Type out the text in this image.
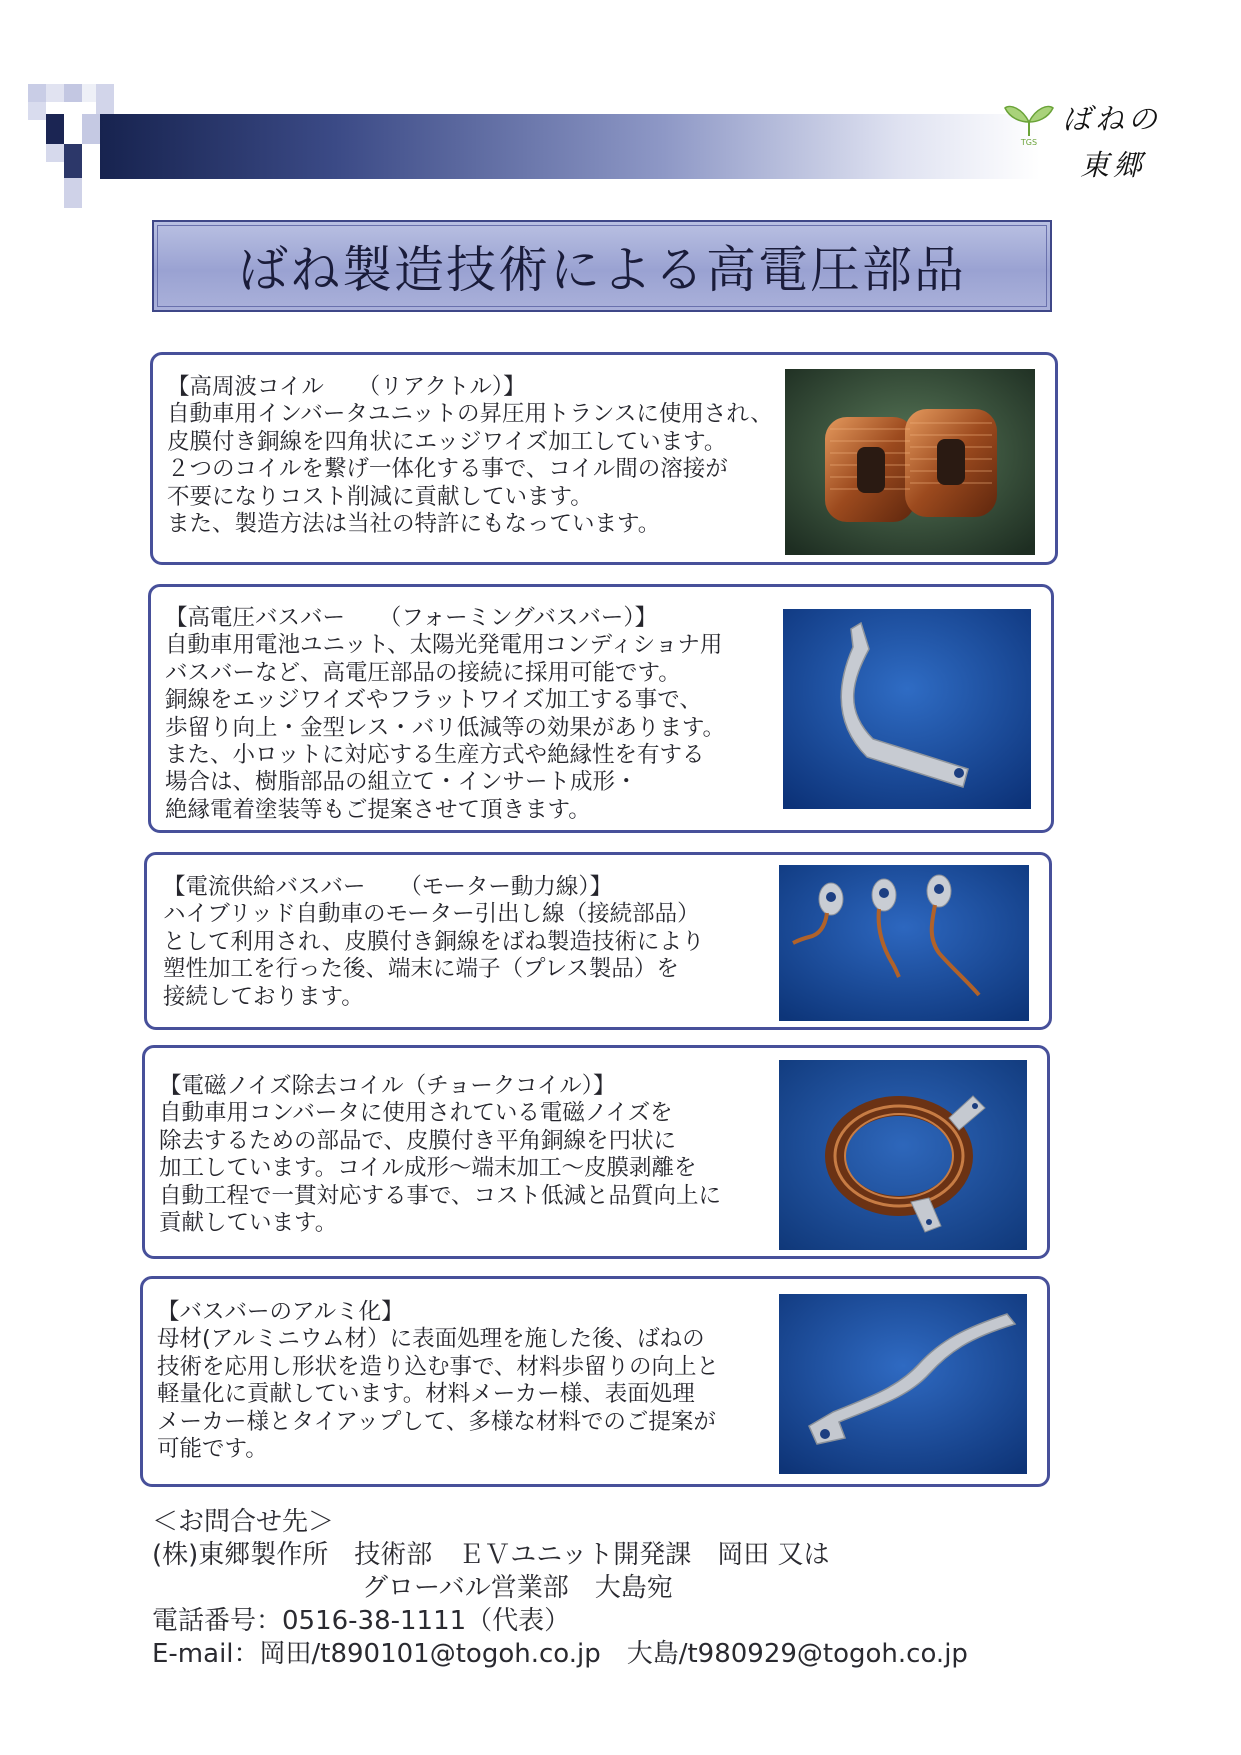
TGS
ばねの
東郷
ばね製造技術による高電圧部品
【高周波コイル　　（リアクトル）】
自動車用インバータユニットの昇圧用トランスに使用され、
皮膜付き銅線を四角状にエッジワイズ加工しています。
２つのコイルを繋げ一体化する事で、コイル間の溶接が
不要になりコスト削減に貢献しています。
また、製造方法は当社の特許にもなっています。
【高電圧バスバー　　（フォーミングバスバー）】
自動車用電池ユニット、太陽光発電用コンディショナ用
バスバーなど、高電圧部品の接続に採用可能です。
銅線をエッジワイズやフラットワイズ加工する事で、
歩留り向上・金型レス・バリ低減等の効果があります。
また、小ロットに対応する生産方式や絶縁性を有する
場合は、樹脂部品の組立て・インサート成形・
絶縁電着塗装等もご提案させて頂きます。
【電流供給バスバー　　（モーター動力線）】
ハイブリッド自動車のモーター引出し線（接続部品）
として利用され、皮膜付き銅線をばね製造技術により
塑性加工を行った後、端末に端子（プレス製品）を
接続しております。
【電磁ノイズ除去コイル（チョークコイル）】
自動車用コンバータに使用されている電磁ノイズを
除去するための部品で、皮膜付き平角銅線を円状に
加工しています。コイル成形～端末加工～皮膜剥離を
自動工程で一貫対応する事で、コスト低減と品質向上に
貢献しています。
【バスバーのアルミ化】
母材(アルミニウム材）に表面処理を施した後、ばねの
技術を応用し形状を造り込む事で、材料歩留りの向上と
軽量化に貢献しています。材料メーカー様、表面処理
メーカー様とタイアップして、多様な材料でのご提案が
可能です。
＜お問合せ先＞
(株)東郷製作所　技術部　ＥＶユニット開発課　岡田 又は
グローバル営業部　大島宛
電話番号：0516-38-1111（代表）
E-mail：岡田/t890101@togoh.co.jp　大島/t980929@togoh.co.jp
